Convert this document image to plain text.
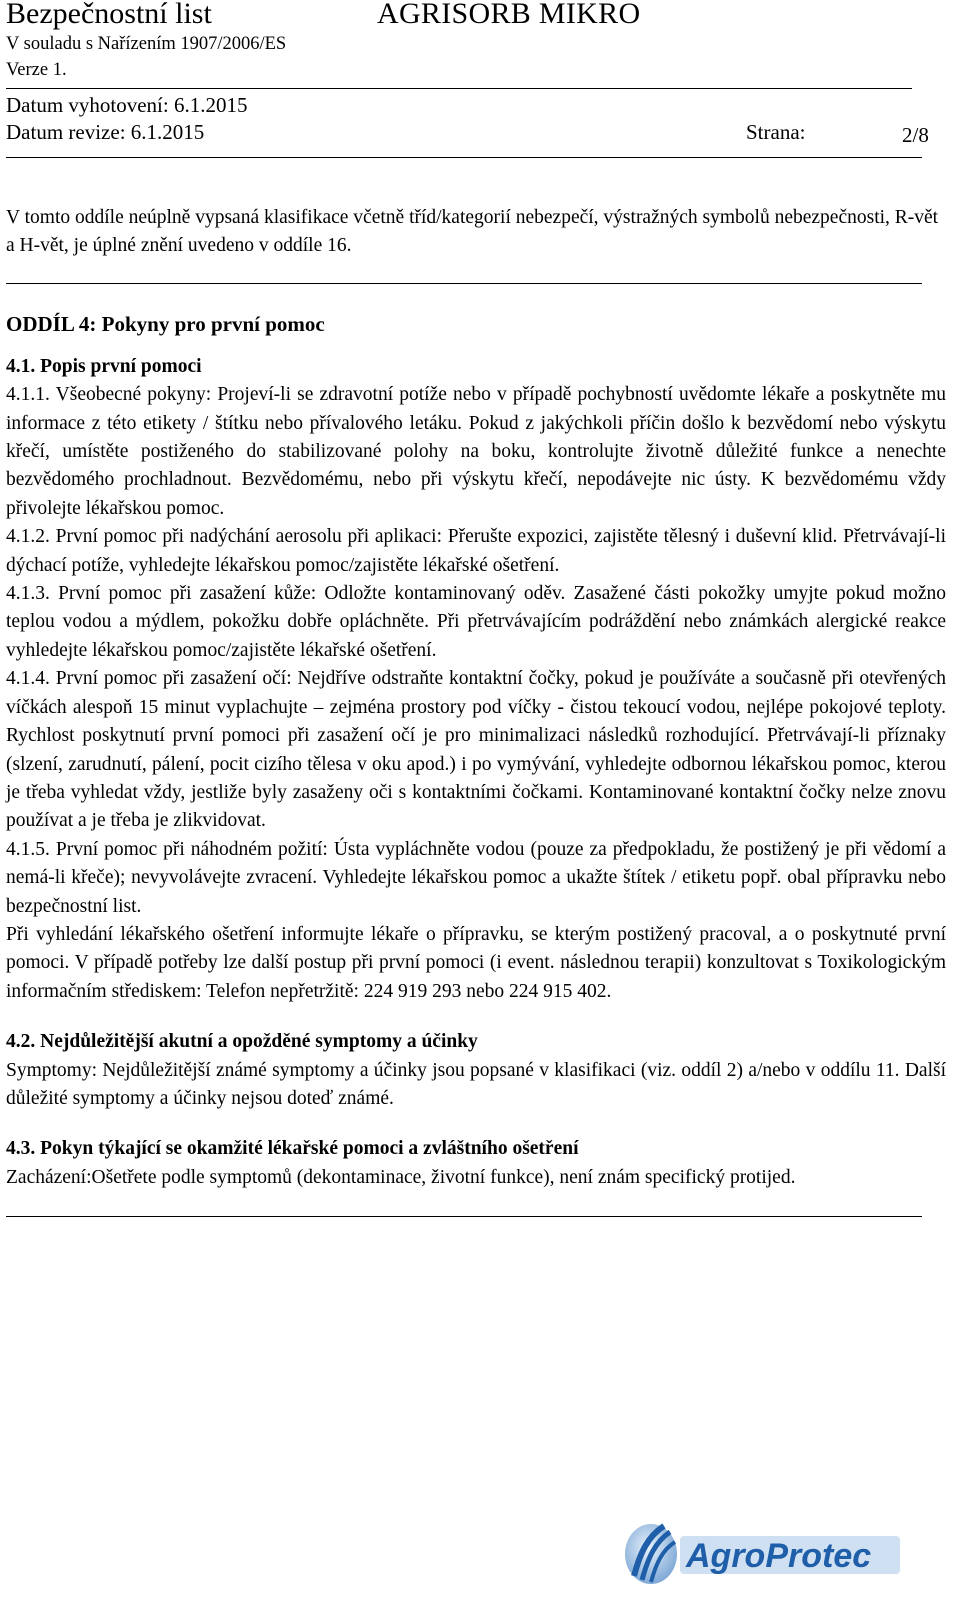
Bezpečnostní list	AGRISORB MIKRO
V souladu s Nařízením 1907/2006/ES
Verze 1.
Datum vyhotovení: 6.1.2015
Datum revize: 6.1.2015	Strana:	2/8

V tomto oddíle neúplně vypsaná klasifikace včetně tříd/kategorií nebezpečí, výstražných symbolů nebezpečnosti, R-vět a H-vět, je úplné znění uvedeno v oddíle 16.

ODDÍL 4: Pokyny pro první pomoc

4.1. Popis první pomoci

4.1.1. Všeobecné pokyny: Projeví-li se zdravotní potíže nebo v případě pochybností uvědomte lékaře a poskytněte mu informace z této etikety / štítku nebo přívalového letáku. Pokud z jakýchkoli příčin došlo k bezvědomí nebo výskytu křečí, umístěte postiženého do stabilizované polohy na boku, kontrolujte životně důležité funkce a nenechte bezvědomého prochladnout. Bezvědomému, nebo při výskytu křečí, nepodávejte nic ústy. K bezvědomému vždy přivolejte lékařskou pomoc.

4.1.2. První pomoc při nadýchání aerosolu při aplikaci: Přerušte expozici, zajistěte tělesný i duševní klid. Přetrvávají-li dýchací potíže, vyhledejte lékařskou pomoc/zajistěte lékařské ošetření.

4.1.3. První pomoc při zasažení kůže: Odložte kontaminovaný oděv. Zasažené části pokožky umyjte pokud možno teplou vodou a mýdlem, pokožku dobře opláchněte. Při přetrvávajícím podráždění nebo známkách alergické reakce vyhledejte lékařskou pomoc/zajistěte lékařské ošetření.

4.1.4. První pomoc při zasažení očí: Nejdříve odstraňte kontaktní čočky, pokud je používáte a současně při otevřených víčkách alespoň 15 minut vyplachujte – zejména prostory pod víčky - čistou tekoucí vodou, nejlépe pokojové teploty. Rychlost poskytnutí první pomoci při zasažení očí je pro minimalizaci následků rozhodující. Přetrvávají-li příznaky (slzení, zarudnutí, pálení, pocit cizího tělesa v oku apod.) i po vymývání, vyhledejte odbornou lékařskou pomoc, kterou je třeba vyhledat vždy, jestliže byly zasaženy oči s kontaktními čočkami. Kontaminované kontaktní čočky nelze znovu používat a je třeba je zlikvidovat.

4.1.5. První pomoc při náhodném požití: Ústa vypláchněte vodou (pouze za předpokladu, že postižený je při vědomí a nemá-li křeče); nevyvolávejte zvracení. Vyhledejte lékařskou pomoc a ukažte štítek / etiketu popř. obal přípravku nebo bezpečnostní list.

Při vyhledání lékařského ošetření informujte lékaře o přípravku, se kterým postižený pracoval, a o poskytnuté první pomoci. V případě potřeby lze další postup při první pomoci (i event. následnou terapii) konzultovat s Toxikologickým informačním střediskem: Telefon nepřetržitě: 224 919 293 nebo 224 915 402.

4.2. Nejdůležitější akutní a opožděné symptomy a účinky

Symptomy: Nejdůležitější známé symptomy a účinky jsou popsané v klasifikaci (viz. oddíl 2) a/nebo v oddílu 11. Další důležité symptomy a účinky nejsou doteď známé.

4.3. Pokyn týkající se okamžité lékařské pomoci a zvláštního ošetření

Zacházení:Ošetřete podle symptomů (dekontaminace, životní funkce), není znám specifický protijed.

AgroProtec
